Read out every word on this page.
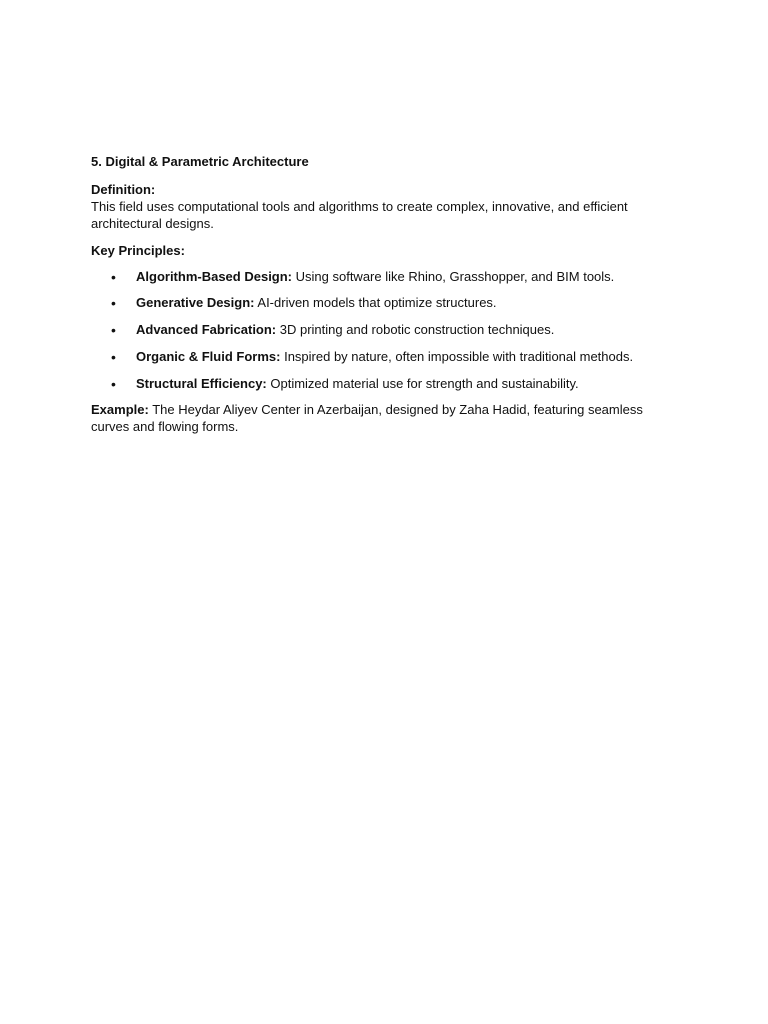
5. Digital & Parametric Architecture

Definition:

This field uses computational tools and algorithms to create complex, innovative, and efficient architectural designs.

Key Principles:

• Algorithm-Based Design: Using software like Rhino, Grasshopper, and BIM tools.
• Generative Design: AI-driven models that optimize structures.
• Advanced Fabrication: 3D printing and robotic construction techniques.
• Organic & Fluid Forms: Inspired by nature, often impossible with traditional methods.
• Structural Efficiency: Optimized material use for strength and sustainability.

Example: The Heydar Aliyev Center in Azerbaijan, designed by Zaha Hadid, featuring seamless curves and flowing forms.
